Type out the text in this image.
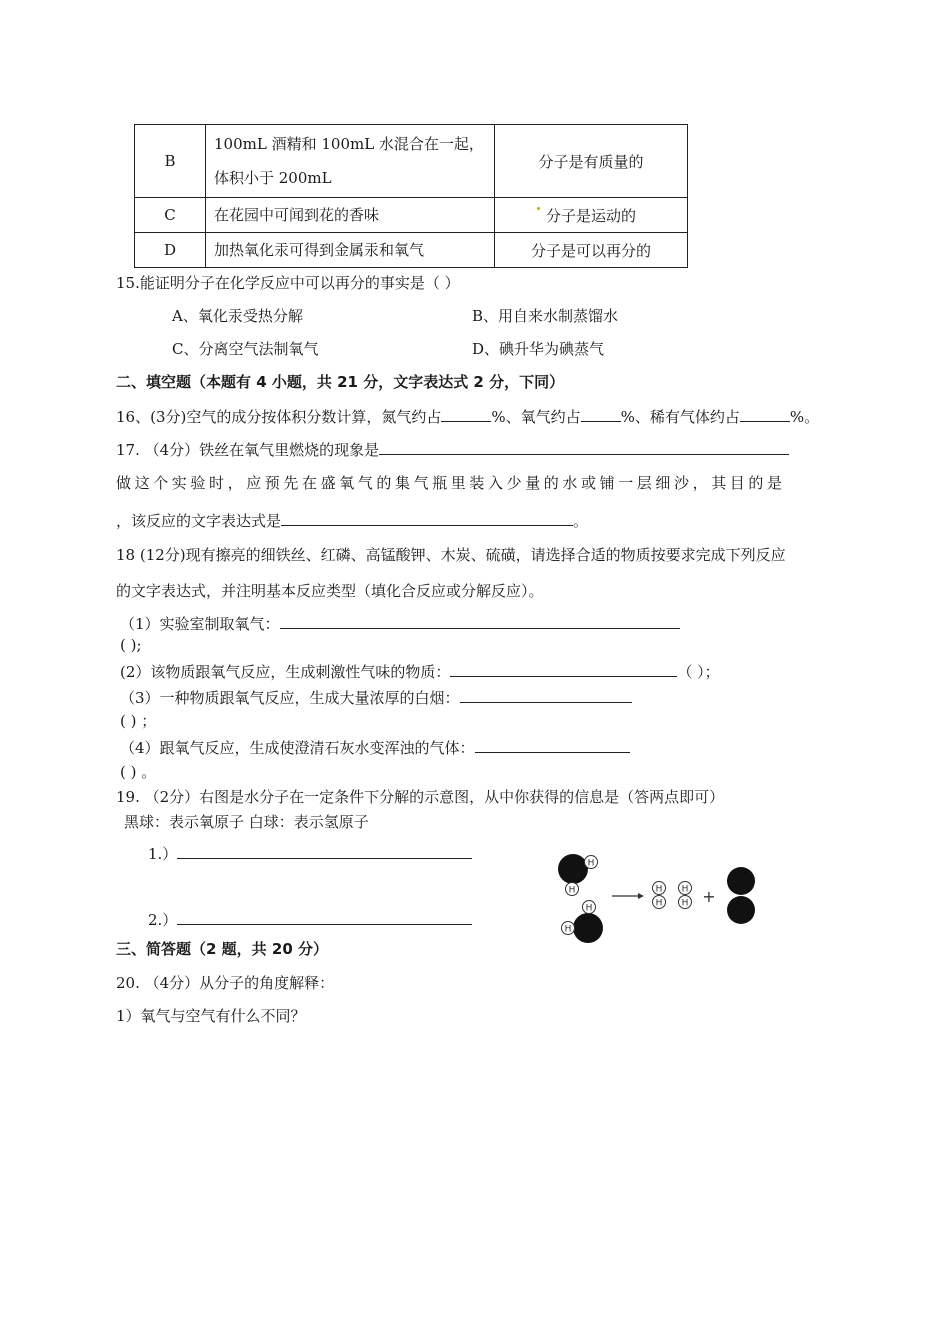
B	100mL 酒精和 100mL 水混合在一起，
体积小于 200mL	分子是有质量的
C	在花园中可闻到花的香味	分子是运动的
D	加热氧化汞可得到金属汞和氧气	分子是可以再分的
15.能证明分子在化学反应中可以再分的事实是（ ）
A、氧化汞受热分解	B、用自来水制蒸馏水
C、分离空气法制氧气	D、碘升华为碘蒸气
二、填空题（本题有 4 小题，共 21 分，文字表达式 2 分，下同）
16、(3分)空气的成分按体积分数计算，氮气约占	%、氧气约占	%、稀有气体约占	%。
17. （4分）铁丝在氧气里燃烧的现象是
做这个实验时，应预先在盛氧气的集气瓶里装入少量的水或铺一层细沙，其目的是
，该反应的文字表达式是	。
18 (12分)现有擦亮的细铁丝、红磷、高锰酸钾、木炭、硫磺，请选择合适的物质按要求完成下列反应
的文字表达式，并注明基本反应类型（填化合反应或分解反应）。
（1）实验室制取氧气：
( );
(2）该物质跟氧气反应，生成刺激性气味的物质：	（ ）；
（3）一种物质跟氧气反应，生成大量浓厚的白烟：
( ) ；
（4）跟氧气反应，生成使澄清石灰水变浑浊的气体：
( ) 。
19. （2分）右图是水分子在一定条件下分解的示意图，从中你获得的信息是（答两点即可）
黑球：表示氧原子 白球：表示氢原子
1.）
2.）
H
H
H
H
H
H
H
H +
三、简答题（2 题，共 20 分）
20. （4分）从分子的角度解释：
1）氧气与空气有什么不同？
